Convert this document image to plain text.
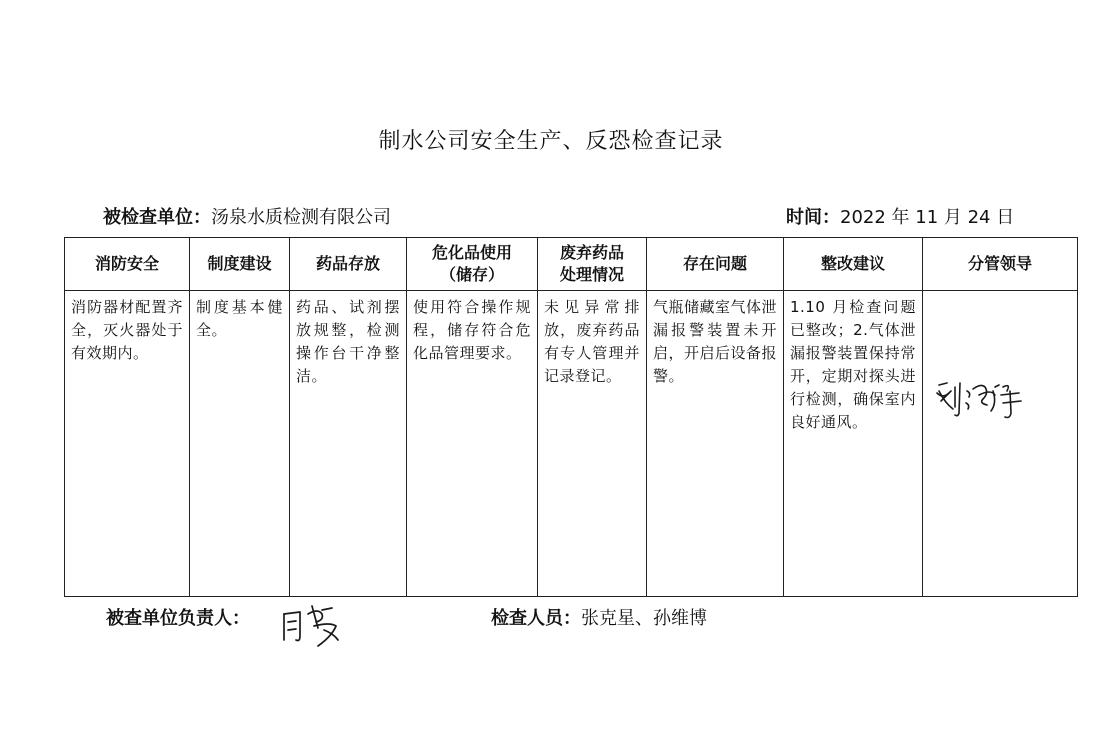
制水公司安全生产、反恐检查记录
被检查单位：汤泉水质检测有限公司	时间：2022 年 11 月 24 日
消防安全	制度建设	药品存放	危化品使用（储存）	废弃药品处理情况	存在问题	整改建议	分管领导
消防器材配置齐全，灭火器处于有效期内。	制度基本健全。	药品、试剂摆放规整，检测操作台干净整洁。	使用符合操作规程，储存符合危化品管理要求。	未见异常排放，废弃药品有专人管理并记录登记。	气瓶储藏室气体泄漏报警装置未开启，开启后设备报警。	1.10 月检查问题已整改；2.气体泄漏报警装置保持常开，定期对探头进行检测，确保室内良好通风。	
被查单位负责人：	检查人员：张克星、孙维博
